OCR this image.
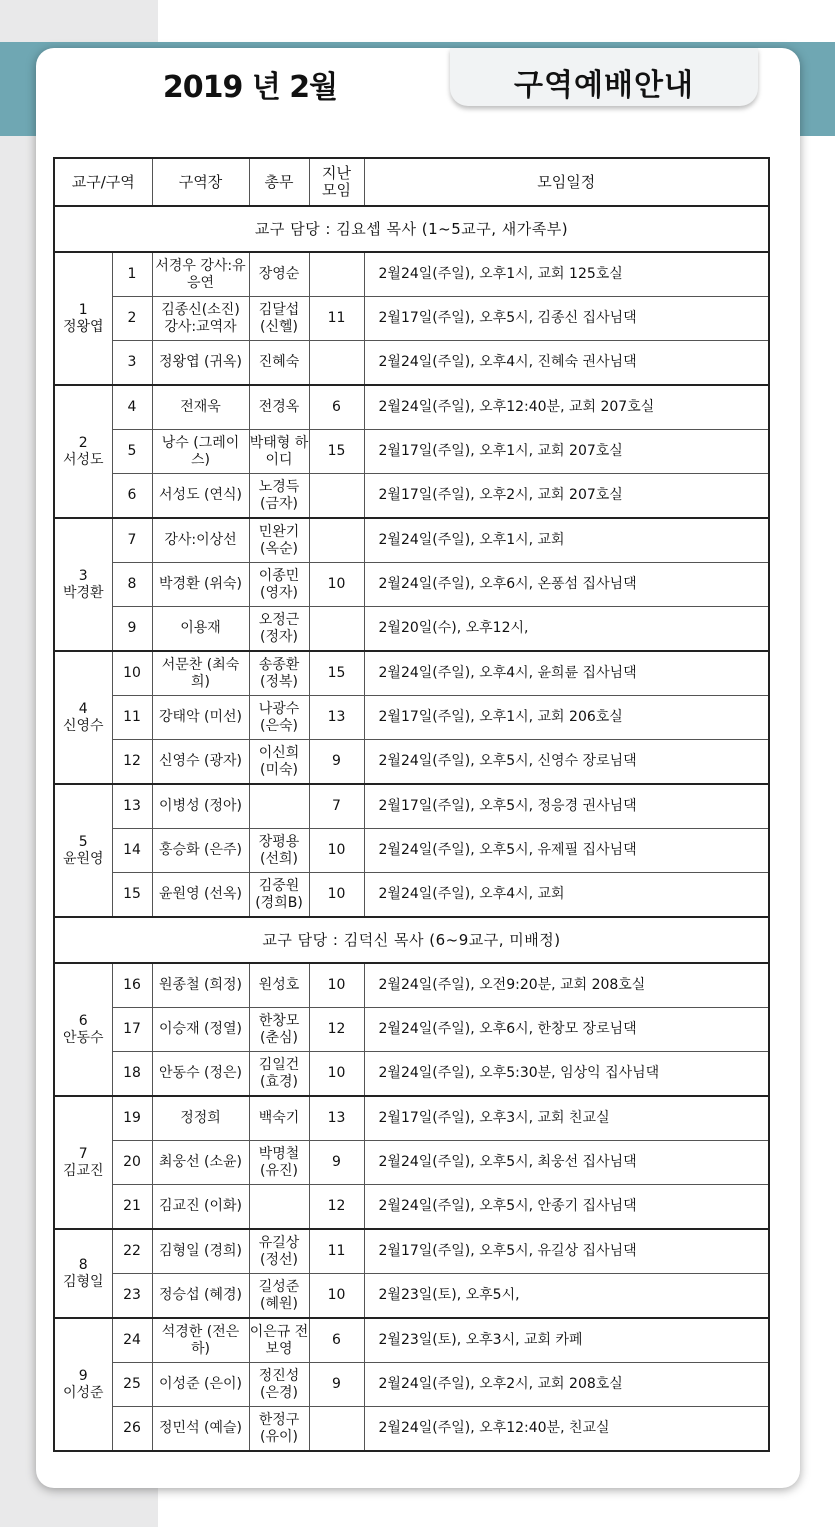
2019 년 2월	구역예배안내
교구/구역		구역장	총무	지난 모임	모임일정
교구 담당 : 김요셉 목사 (1~5교구, 새가족부)					

1
정왕엽	1	서경우 강사:유응연	장영순		2월24일(주일), 오후1시, 교회 125호실
	2	김종신(소진) 강사:교역자	김달섭 (신헬)	11	2월17일(주일), 오후5시, 김종신 집사님댁
	3	정왕엽 (귀옥)	진혜숙		2월24일(주일), 오후4시, 진혜숙 권사님댁

2
서성도	4	전재욱	전경옥	6	2월24일(주일), 오후12:40분, 교회 207호실
	5	낭수 (그레이스)	박태형 하이디	15	2월17일(주일), 오후1시, 교회 207호실
	6	서성도 (연식)	노경득 (금자)		2월17일(주일), 오후2시, 교회 207호실

3
박경환	7	강사:이상선	민완기 (옥순)		2월24일(주일), 오후1시, 교회
	8	박경환 (위숙)	이종민 (영자)	10	2월24일(주일), 오후6시, 온퐁섬 집사님댁
	9	이용재	오정근 (정자)		2월20일(수), 오후12시,

4
신영수	10	서문찬 (최숙희)	송종환 (정복)	15	2월24일(주일), 오후4시, 윤희륜 집사님댁
	11	강태악 (미선)	나광수 (은숙)	13	2월17일(주일), 오후1시, 교회 206호실
	12	신영수 (광자)	이신희 (미숙)	9	2월24일(주일), 오후5시, 신영수 장로님댁

5
윤원영	13	이병성 (정아)		7	2월17일(주일), 오후5시, 정응경 권사님댁
	14	홍승화 (은주)	장평용 (선희)	10	2월24일(주일), 오후5시, 유제필 집사님댁
	15	윤원영 (선옥)	김중원 (경희B)	10	2월24일(주일), 오후4시, 교회
교구 담당 : 김덕신 목사 (6~9교구, 미배정)					

6
안동수	16	원종철 (희정)	원성호	10	2월24일(주일), 오전9:20분, 교회 208호실
	17	이승재 (정열)	한창모 (춘심)	12	2월24일(주일), 오후6시, 한창모 장로님댁
	18	안동수 (정은)	김일건 (효경)	10	2월24일(주일), 오후5:30분, 임상익 집사님댁

7
김교진	19	정정희	백숙기	13	2월17일(주일), 오후3시, 교회 친교실
	20	최웅선 (소윤)	박명철 (유진)	9	2월24일(주일), 오후5시, 최웅선 집사님댁
	21	김교진 (이화)		12	2월24일(주일), 오후5시, 안종기 집사님댁

8
김형일	22	김형일 (경희)	유길상 (정선)	11	2월17일(주일), 오후5시, 유길상 집사님댁
	23	정승섭 (혜경)	길성준 (혜원)	10	2월23일(토), 오후5시,

9
이성준	24	석경한 (전은하)	이은규 전보영	6	2월23일(토), 오후3시, 교회 카페
	25	이성준 (은이)	정진성 (은경)	9	2월24일(주일), 오후2시, 교회 208호실
	26	정민석 (예슬)	한정구 (유이)		2월24일(주일), 오후12:40분, 친교실
